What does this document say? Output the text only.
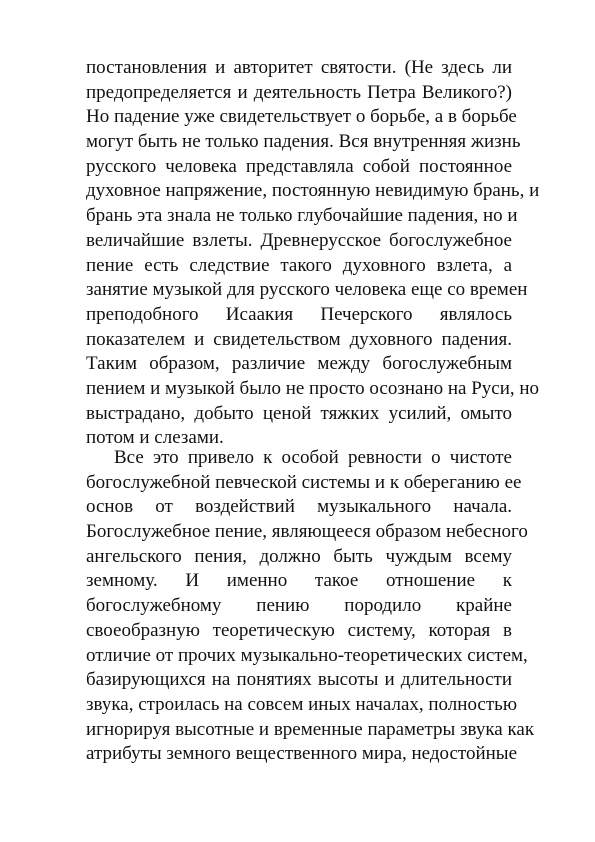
постановления и авторитет святости. (Не здесь ли
предопределяется и деятельность Петра Великого?)
Но падение уже свидетельствует о борьбе, а в борьбе
могут быть не только падения. Вся внутренняя жизнь
русского человека представляла собой постоянное
духовное напряжение, постоянную невидимую брань, и
брань эта знала не только глубочайшие падения, но и
величайшие взлеты. Древнерусское богослужебное
пение есть следствие такого духовного взлета, а
занятие музыкой для русского человека еще со времен
преподобного Исаакия Печерского являлось
показателем и свидетельством духовного падения.
Таким образом, различие между богослужебным
пением и музыкой было не просто осознано на Руси, но
выстрадано, добыто ценой тяжких усилий, омыто
потом и слезами.
Все это привело к особой ревности о чистоте
богослужебной певческой системы и к обереганию ее
основ от воздействий музыкального начала.
Богослужебное пение, являющееся образом небесного
ангельского пения, должно быть чуждым всему
земному. И именно такое отношение к
богослужебному пению породило крайне
своеобразную теоретическую систему, которая в
отличие от прочих музыкально-теоретических систем,
базирующихся на понятиях высоты и длительности
звука, строилась на совсем иных началах, полностью
игнорируя высотные и временные параметры звука как
атрибуты земного вещественного мира, недостойные
